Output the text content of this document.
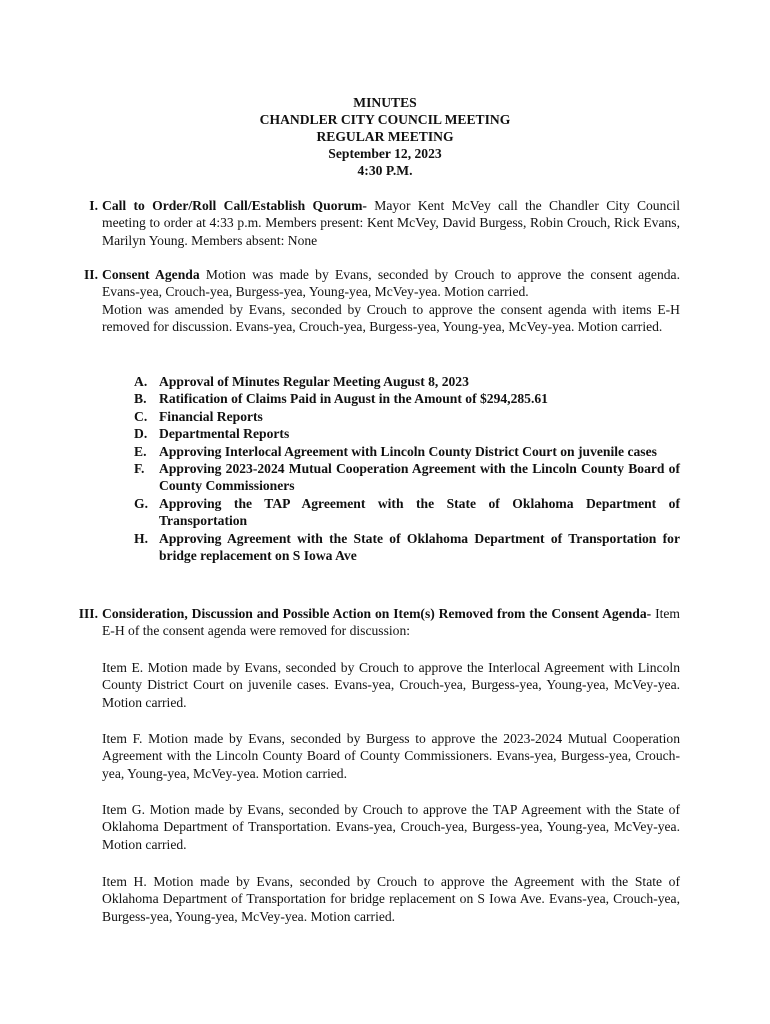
MINUTES
CHANDLER CITY COUNCIL MEETING
REGULAR MEETING
September 12, 2023
4:30 P.M.
I. Call to Order/Roll Call/Establish Quorum- Mayor Kent McVey call the Chandler City Council meeting to order at 4:33 p.m. Members present: Kent McVey, David Burgess, Robin Crouch, Rick Evans, Marilyn Young. Members absent: None

II. Consent Agenda Motion was made by Evans, seconded by Crouch to approve the consent agenda. Evans-yea, Crouch-yea, Burgess-yea, Young-yea, McVey-yea. Motion carried.

Motion was amended by Evans, seconded by Crouch to approve the consent agenda with items E-H removed for discussion. Evans-yea, Crouch-yea, Burgess-yea, Young-yea, McVey-yea. Motion carried.

A. Approval of Minutes Regular Meeting August 8, 2023
B. Ratification of Claims Paid in August in the Amount of $294,285.61
C. Financial Reports
D. Departmental Reports
E. Approving Interlocal Agreement with Lincoln County District Court on juvenile cases
F. Approving 2023-2024 Mutual Cooperation Agreement with the Lincoln County Board of County Commissioners
G. Approving the TAP Agreement with the State of Oklahoma Department of Transportation
H. Approving Agreement with the State of Oklahoma Department of Transportation for bridge replacement on S Iowa Ave
III. Consideration, Discussion and Possible Action on Item(s) Removed from the Consent Agenda- Item E-H of the consent agenda were removed for discussion:

Item E. Motion made by Evans, seconded by Crouch to approve the Interlocal Agreement with Lincoln County District Court on juvenile cases. Evans-yea, Crouch-yea, Burgess-yea, Young-yea, McVey-yea. Motion carried.

Item F. Motion made by Evans, seconded by Burgess to approve the 2023-2024 Mutual Cooperation Agreement with the Lincoln County Board of County Commissioners. Evans-yea, Burgess-yea, Crouch-yea, Young-yea, McVey-yea. Motion carried.

Item G. Motion made by Evans, seconded by Crouch to approve the TAP Agreement with the State of Oklahoma Department of Transportation. Evans-yea, Crouch-yea, Burgess-yea, Young-yea, McVey-yea. Motion carried.

Item H. Motion made by Evans, seconded by Crouch to approve the Agreement with the State of Oklahoma Department of Transportation for bridge replacement on S Iowa Ave. Evans-yea, Crouch-yea, Burgess-yea, Young-yea, McVey-yea. Motion carried.
